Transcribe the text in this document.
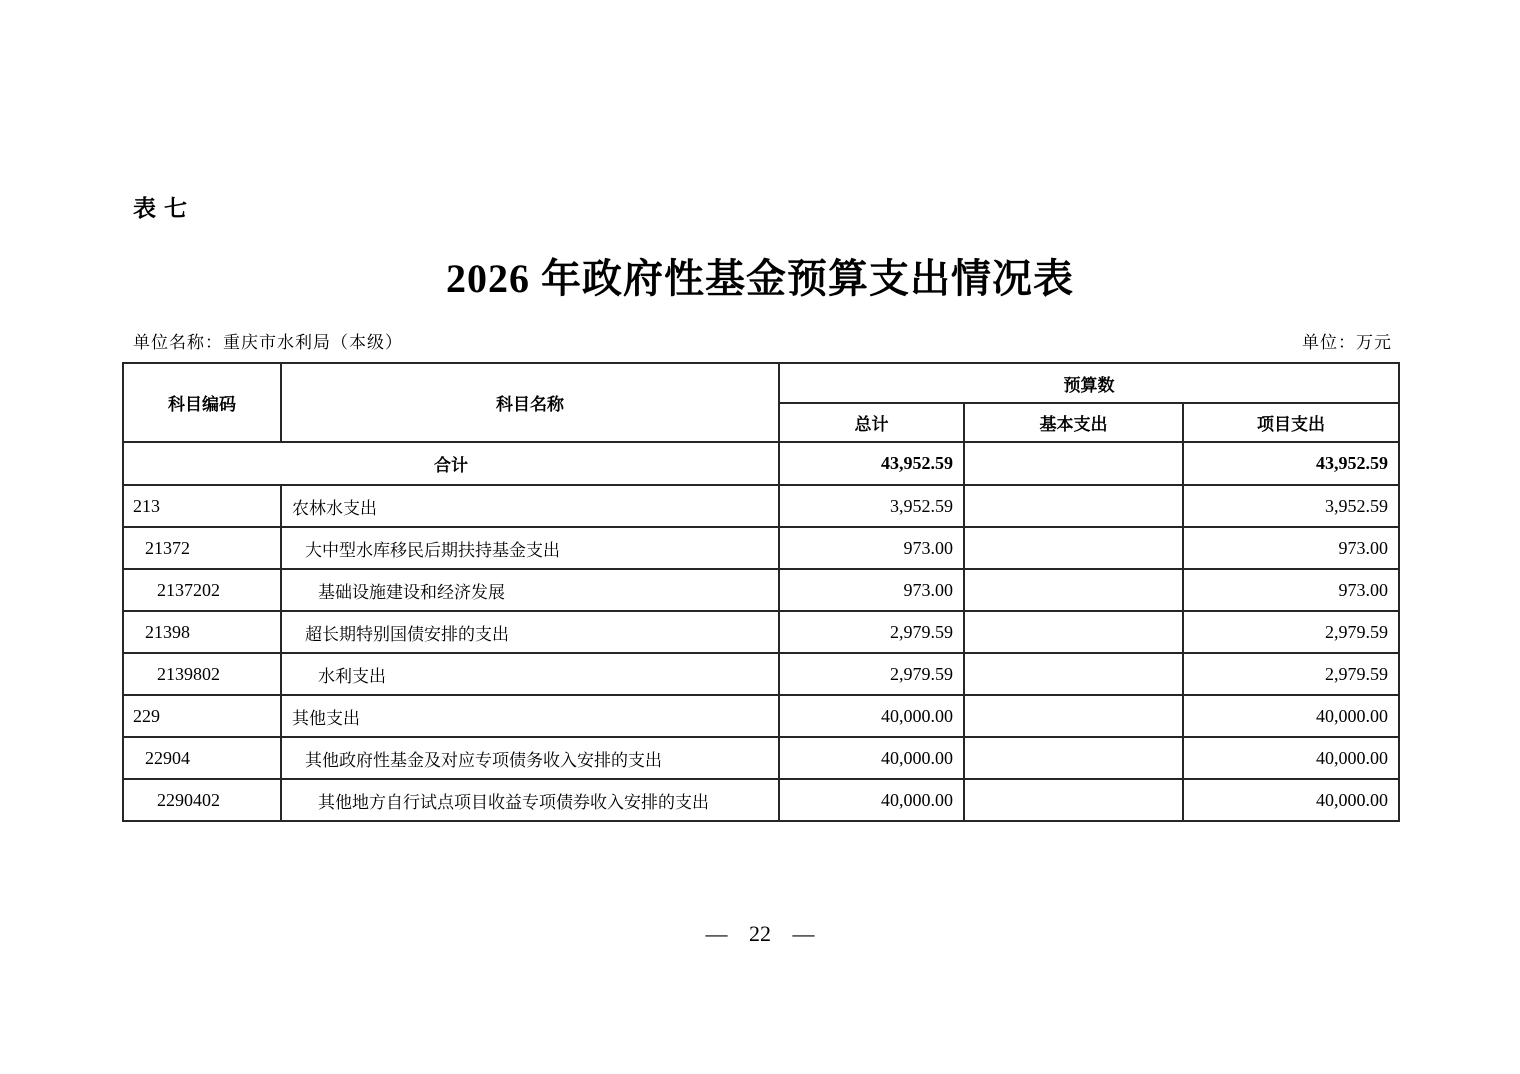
表七
2026 年政府性基金预算支出情况表
单位名称：重庆市水利局（本级）	单位：万元
科目编码	科目名称	预算数		
		总计	基本支出	项目支出
合计		43,952.59		43,952.59
213	农林水支出	3,952.59		3,952.59
21372	大中型水库移民后期扶持基金支出	973.00		973.00
2137202	基础设施建设和经济发展	973.00		973.00
21398	超长期特别国债安排的支出	2,979.59		2,979.59
2139802	水利支出	2,979.59		2,979.59
229	其他支出	40,000.00		40,000.00
22904	其他政府性基金及对应专项债务收入安排的支出	40,000.00		40,000.00
2290402	其他地方自行试点项目收益专项债券收入安排的支出	40,000.00		40,000.00
— 22 —
